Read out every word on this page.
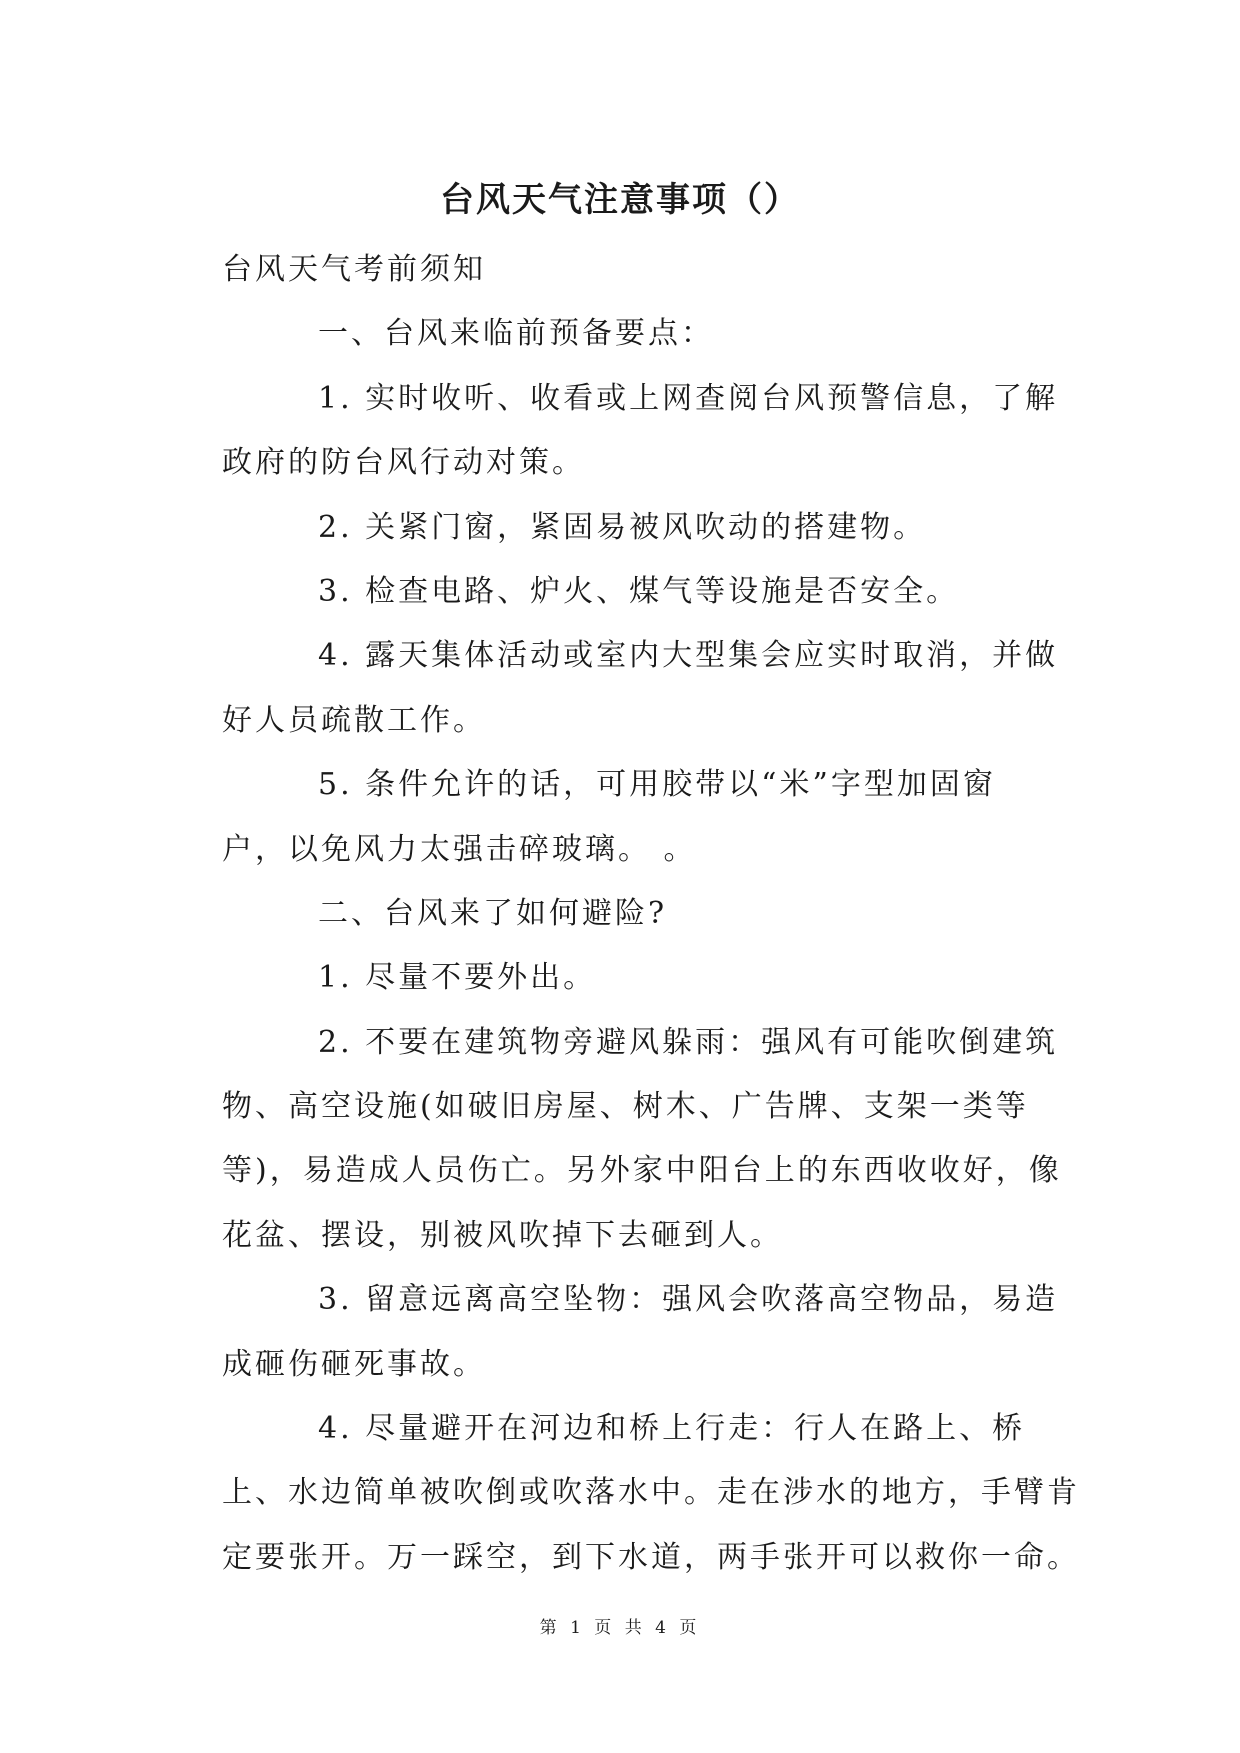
台风天气注意事项（）

台风天气考前须知

一、台风来临前预备要点：

1. 实时收听、收看或上网查阅台风预警信息，了解

政府的防台风行动对策。

2. 关紧门窗，紧固易被风吹动的搭建物。

3. 检查电路、炉火、煤气等设施是否安全。

4. 露天集体活动或室内大型集会应实时取消，并做

好人员疏散工作。

5. 条件允许的话，可用胶带以“米”字型加固窗

户，以免风力太强击碎玻璃。 。

二、台风来了如何避险?

1. 尽量不要外出。

2. 不要在建筑物旁避风躲雨：强风有可能吹倒建筑

物、高空设施(如破旧房屋、树木、广告牌、支架一类等

等)，易造成人员伤亡。另外家中阳台上的东西收收好，像

花盆、摆设，别被风吹掉下去砸到人。

3. 留意远离高空坠物：强风会吹落高空物品，易造

成砸伤砸死事故。

4. 尽量避开在河边和桥上行走：行人在路上、桥

上、水边简单被吹倒或吹落水中。走在涉水的地方，手臂肯

定要张开。万一踩空，到下水道，两手张开可以救你一命。

第 1 页 共 4 页
